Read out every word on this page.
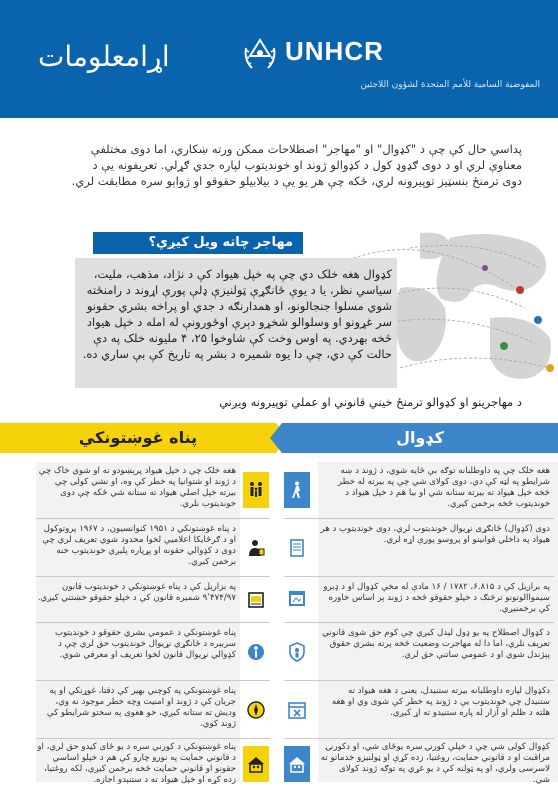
اړامعلومات	UNHCR
المفوضية السامية للأمم المتحدة لشؤون اللاجئين
پداسي حال کې چې د "کډوال" او "مهاجر" اصطلاحات ممکن ورته ښکاري، اما دوی مختلفې معناوې لري او د دوی ګډوډ کول د کډوالو ژوند او خوندیتوب لپاره جدي ګړلي. تعریفونه یې د دوی ترمنځ بنسټیز توپيرونه لري، ځکه چې هر یو یې د بیلابیلو حقوقو او ژواېو سره مطابقت لري.
مهاجر چاته ویل کیږي؟
کډوال هغه خلک دي چې په خپل هیواد کې د نژاد، مذهب، ملیت، سیاسي نظر، یا د یوې ځانګړې ټولنیزې ډلې پورې اړوند د رامنځته شوي مسلوا جنجالونو، او همدارنګه د جدي او پراخه بشري حقونو سر غړونو او وسلوالو شخړو دېرې اوځورونې له امله د خپل هیواد څخه بهردي. په اوس وخت کې شاوخوا ۲۵، ۴ مليونه خلک په دې حالت کې دي، چې دا یوه شمیره د بشر په تاریخ کې بې ساري ده.
د مهاجرينو او کډوالو ترمنځ خیني قانوني او عملي توپيرونه ویږني
پناه غوښتونکي	کډوال
هغه خلک چې د خپل هیواد پرېښودو نه او شوي خاک چې د ژوند او شتوانیا په خطر کې وه، او نشي کولی چې بیرته خپل اصلي هیواد ته ستانه شي ځکه چې دوی خوندیتوب نلري.
د پناه غوښتونکي د ۱۹۵۱ کنوانسیون، د ۱۹۶۷ پروتوکول او د ګرځایکا اعلامیې لخوا محدود شوي تعریف لري چې دوی د کډوالي حقونه او پړپاره پلیږي خوندیتوب خنه برخمن کیږي.
په بزاریل کې د پناه غوښتونکي د خوندیتوب قانون ۹٬۴۷۴/۹۷ شمیره قانون کې د خپلو حقوقو خښتني کیږي.
پناه غوښتونکي د عمومي بشري حقوقو د خوندیتوب سربېره د ځانګړي نړیوال خوندیتوب حق لري چې د کډوالي نړیوال قانون لخوا تعریف او معرفي شوي.
پناه غوښتونکي په کوچني بهیر کې دقتا، غوړنکي او په جریان کې د ژوند او امنیت وچه خطر موجود نه وي، ودیش ته ستانه کیږي، خو هغوی په سختو شرایطو کې ژوند کوي.
پناه غوښتونکي د کورني سره د یو ځای کیدو حق لري، او د قانوني حمایت په نورو چارو کې هم د خپلو اساسي حقونو او قانوني حمایت څخه برخمن کیږي، لکه روغتیا، زده کړه او خپل هیواد ته د ستنېدو اجازه.
هغه خلک چې په داوطلبانه توګه بې ځایه شوي، د ژوند د ښه شرایطو په لټه کې دي، دوی کولای شي چې په بیرته له خطر څخه خپل هیواد ته بیرته ستانه شي او بیا هم د خپل هیواد د خوندیتوب څخه برخمن کیږي.
دوی (کډوال) ځانګړی نړیوال خوندیتوب لري، دوی خوندیتوب د هر هیواد په داخلي قوانینو او پروسو پورې اړه لري.
په برازیل کې د ۶.۸۱۵، ۱۷۸۲ / ۱۶ مادې له مخې کډوال او د ډیرو سیمواالوتونو ترڅنګ د خپلو حقوقو څخه د ژوند پر اساس خاوره کې برخمنيږي.
د کډوال اصطلاح په یو ډول لیدل کیږي چې کوم حق شوی قانوني تعریف نلري، اما دا له مهاجرت وضعیت څخه پرته بشري حقوق پېژندل شوي او د عمومي ساتنې حق لري.
دکډوال لپاره داوطلبانه بیرته ستنیدل، یعنی د هغه هیواد ته ستنیدل چې خوندیتوب یې د ژوند په خطر کې شوی وي او هغه هلته د ظلم او آزار له پاره ستنیدو ته اړ کیږي.
کډوال کولی شي چې د خپلې کورنۍ سره یوځای شي، او دکورنۍ مراقبت او د قانوني حمایت، روغتیا، زده کړې او ټولنیزو خدماتو ته لاسرسی ولري، او په ټولنه کې د یو غړي په توګه ژوند کولای شي.
